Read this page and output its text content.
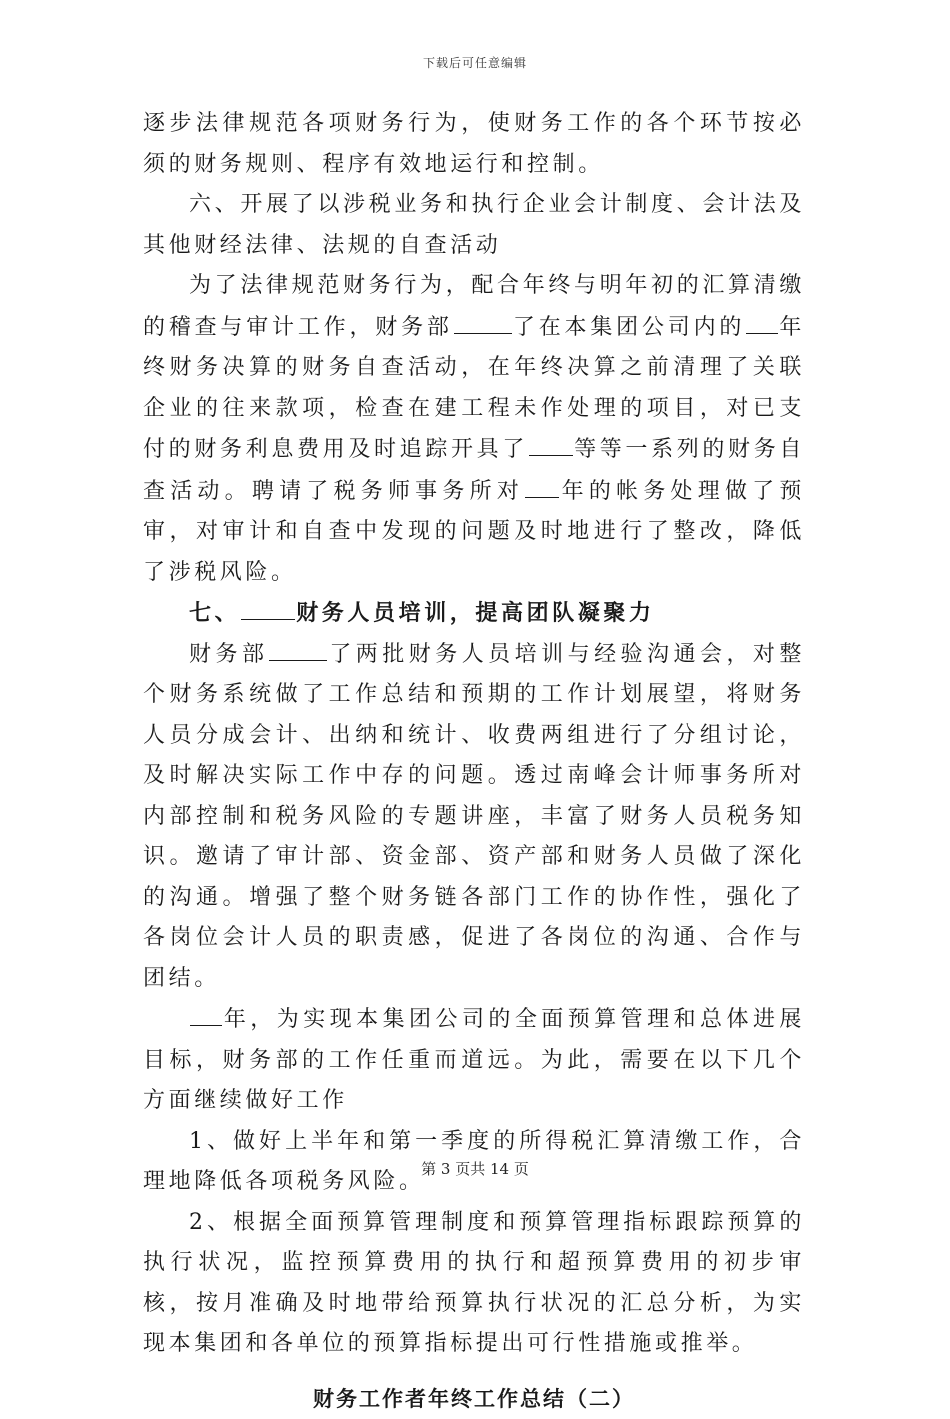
下载后可任意编辑

逐步法律规范各项财务行为，使财务工作的各个环节按必须的财务规则、程序有效地运行和控制。

六、开展了以涉税业务和执行企业会计制度、会计法及其他财经法律、法规的自查活动

为了法律规范财务行为，配合年终与明年初的汇算清缴的稽查与审计工作，财务部	了在本集团公司内的 年终财务决算的财务自查活动，在年终决算之前清理了关联企业的往来款项，检查在建工程未作处理的项目，对已支付的财务利息费用及时追踪开具了 等等一系列的财务自查活动。聘请了税务师事务所对 年的帐务处理做了预审，对审计和自查中发现的问题及时地进行了整改，降低了涉税风险。

七、	财务人员培训，提高团队凝聚力

财务部	了两批财务人员培训与经验沟通会，对整个财务系统做了工作总结和预期的工作计划展望，将财务人员分成会计、出纳和统计、收费两组进行了分组讨论，及时解决实际工作中存的问题。透过南峰会计师事务所对内部控制和税务风险的专题讲座，丰富了财务人员税务知识。邀请了审计部、资金部、资产部和财务人员做了深化的沟通。增强了整个财务链各部门工作的协作性，强化了各岗位会计人员的职责感，促进了各岗位的沟通、合作与团结。

年，为实现本集团公司的全面预算管理和总体进展目标，财务部的工作任重而道远。为此，需要在以下几个方面继续做好工作

1、做好上半年和第一季度的所得税汇算清缴工作，合理地降低各项税务风险。

2、根据全面预算管理制度和预算管理指标跟踪预算的执行状况，监控预算费用的执行和超预算费用的初步审核，按月准确及时地带给预算执行状况的汇总分析，为实现本集团和各单位的预算指标提出可行性措施或推举。

财务工作者年终工作总结（二）

第 3 页共 14 页
